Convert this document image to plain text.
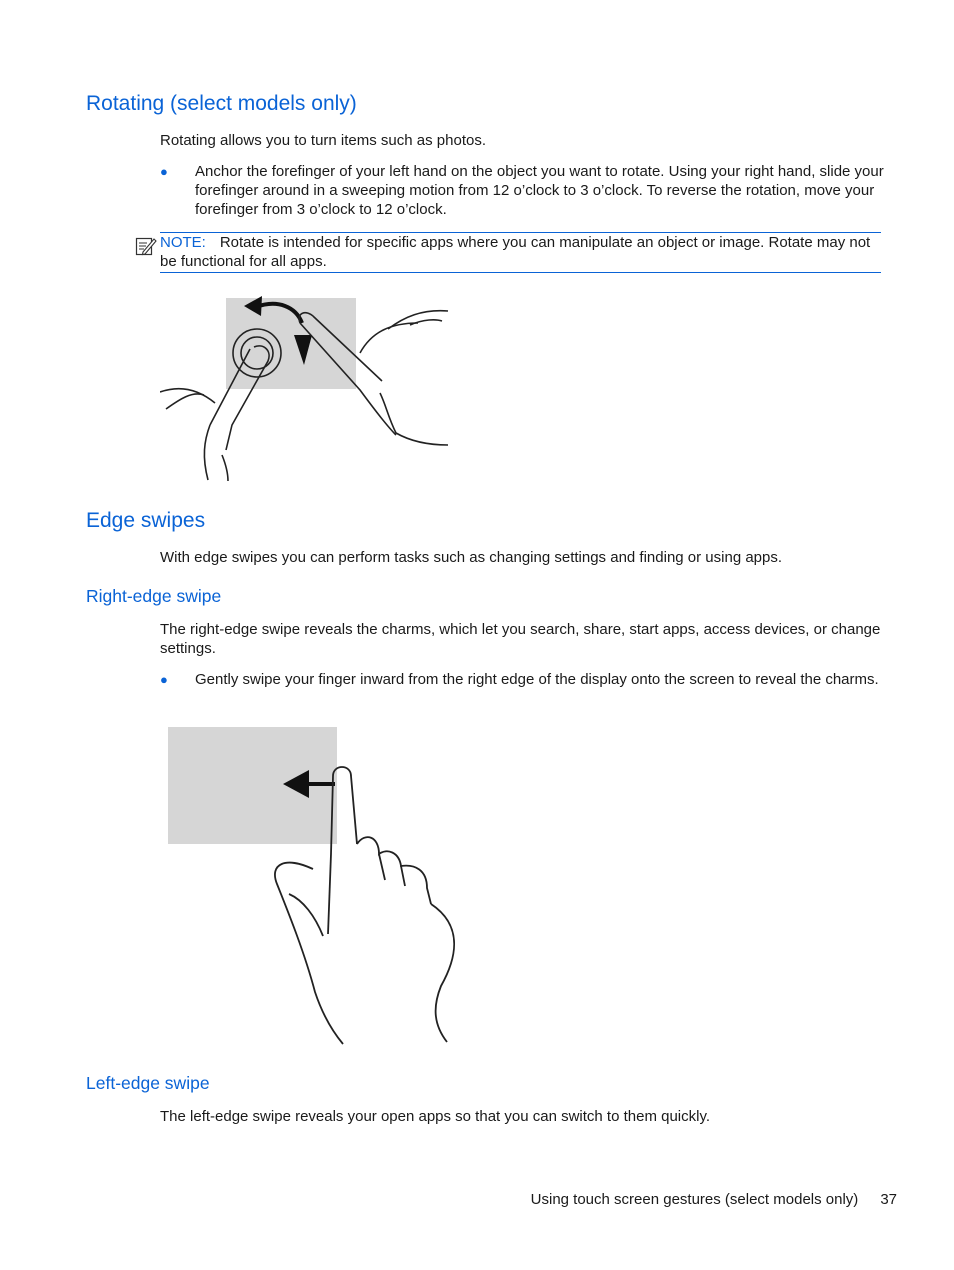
Rotating (select models only)

Rotating allows you to turn items such as photos.

● Anchor the forefinger of your left hand on the object you want to rotate. Using your right hand, slide your forefinger around in a sweeping motion from 12 o’clock to 3 o’clock. To reverse the rotation, move your forefinger from 3 o’clock to 12 o’clock.

NOTE: Rotate is intended for specific apps where you can manipulate an object or image. Rotate may not be functional for all apps.

Edge swipes

With edge swipes you can perform tasks such as changing settings and finding or using apps.

Right-edge swipe

The right-edge swipe reveals the charms, which let you search, share, start apps, access devices, or change settings.

● Gently swipe your finger inward from the right edge of the display onto the screen to reveal the charms.

Left-edge swipe

The left-edge swipe reveals your open apps so that you can switch to them quickly.

Using touch screen gestures (select models only) 37
